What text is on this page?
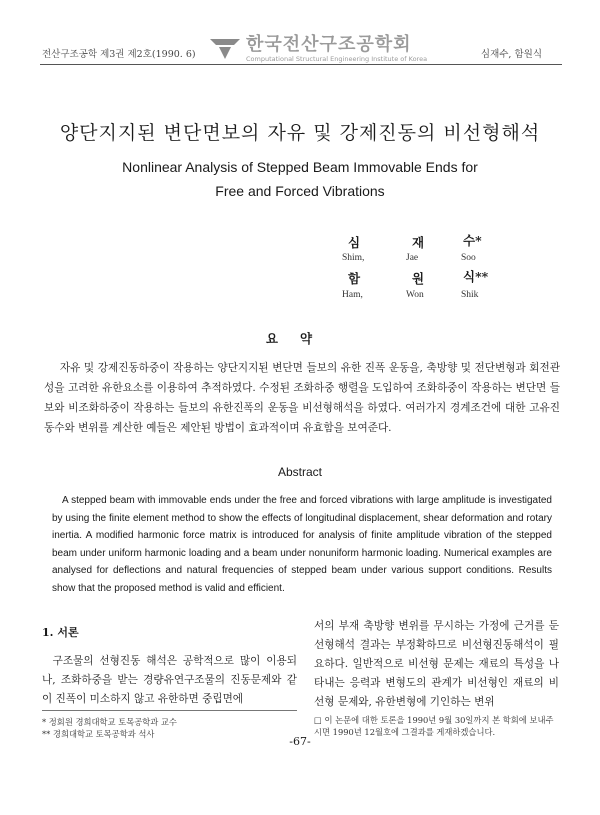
전산구조공학 제3권 제2호(1990. 6)	한국전산구조공학회
Computational Structural Engineering Institute of Korea	심재수, 함원식
양단지지된 변단면보의 자유 및 강제진동의 비선형해석
Nonlinear Analysis of Stepped Beam Immovable Ends for
Free and Forced Vibrations
심	재	수*
Shim,	Jae	Soo
함	원	식**
Ham,	Won	Shik
요약
자유 및 강제진동하중이 작용하는 양단지지된 변단면 들보의 유한 진폭 운동을, 축방향 및 전단변형과 회전관성을 고려한 유한요소를 이용하여 추적하였다. 수정된 조화하중 행렬을 도입하여 조화하중이 작용하는 변단면 들보와 비조화하중이 작용하는 들보의 유한진폭의 운동을 비선형해석을 하였다. 여러가지 경계조건에 대한 고유진동수와 변위를 계산한 예들은 제안된 방법이 효과적이며 유효함을 보여준다.
Abstract
A stepped beam with immovable ends under the free and forced vibrations with large amplitude is investigated by using the finite element method to show the effects of longitudinal displacement, shear deformation and rotary inertia. A modified harmonic force matrix is introduced for analysis of finite amplitude vibration of the stepped beam under uniform harmonic loading and a beam under nonuniform harmonic loading. Numerical examples are analysed for deflections and natural frequencies of stepped beam under various support conditions. Results show that the proposed method is valid and efficient.
1. 서론
구조물의 선형진동 해석은 공학적으로 많이 이용되나, 조화하중을 받는 경량유연구조물의 진동문제와 같이 진폭이 미소하지 않고 유한하면 중립면에
서의 부재 축방향 변위를 무시하는 가정에 근거를 둔 선형해석 결과는 부정확하므로 비선형진동해석이 필요하다. 일반적으로 비선형 문제는 재료의 특성을 나타내는 응력과 변형도의 관계가 비선형인 재료의 비선형 문제와, 유한변형에 기인하는 변위
* 정회원 경희대학교 토목공학과 교수
** 경희대학교 토목공학과 석사
□ 이 논문에 대한 토론을 1990년 9월 30일까지 본 학회에 보내주시면 1990년 12월호에 그결과를 게재하겠습니다.
-67-
